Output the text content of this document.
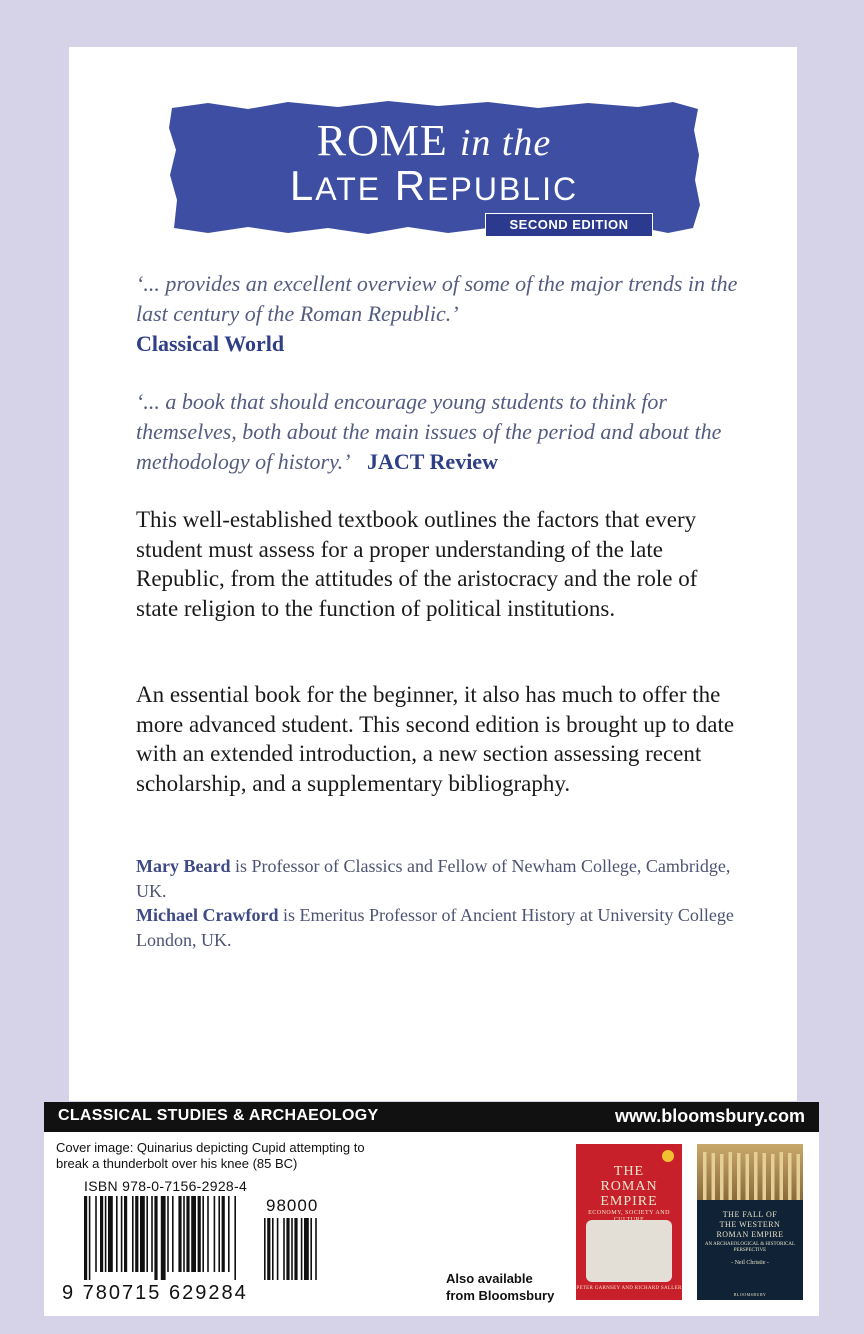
ROME in the
LATE REPUBLIC
SECOND EDITION
‘... provides an excellent overview of some of the major trends in the last century of the Roman Republic.’
Classical World
‘... a book that should encourage young students to think for themselves, both about the main issues of the period and about the methodology of history.’ JACT Review
This well-established textbook outlines the factors that every student must assess for a proper understanding of the late Republic, from the attitudes of the aristocracy and the role of state religion to the function of political institutions.
An essential book for the beginner, it also has much to offer the more advanced student. This second edition is brought up to date with an extended introduction, a new section assessing recent scholarship, and a supplementary bibliography.
Mary Beard is Professor of Classics and Fellow of Newham College, Cambridge, UK.
Michael Crawford is Emeritus Professor of Ancient History at University College London, UK.
CLASSICAL STUDIES & ARCHAEOLOGY	www.bloomsbury.com
Cover image: Quinarius depicting Cupid attempting to break a thunderbolt over his knee (85 BC)
ISBN 978-0-7156-2928-4
98000
9 780715 629284
Also available
from Bloomsbury
THE
ROMAN
EMPIRE
ECONOMY, SOCIETY AND
PETER GARNSEY AND RICHARD SALLER
THE FALL OF
THE WESTERN
ROMAN EMPIRE
AN ARCHAEOLOGICAL & HISTORICAL PERSPECTIVE
- Neil Christie -
BLOOMSBURY
